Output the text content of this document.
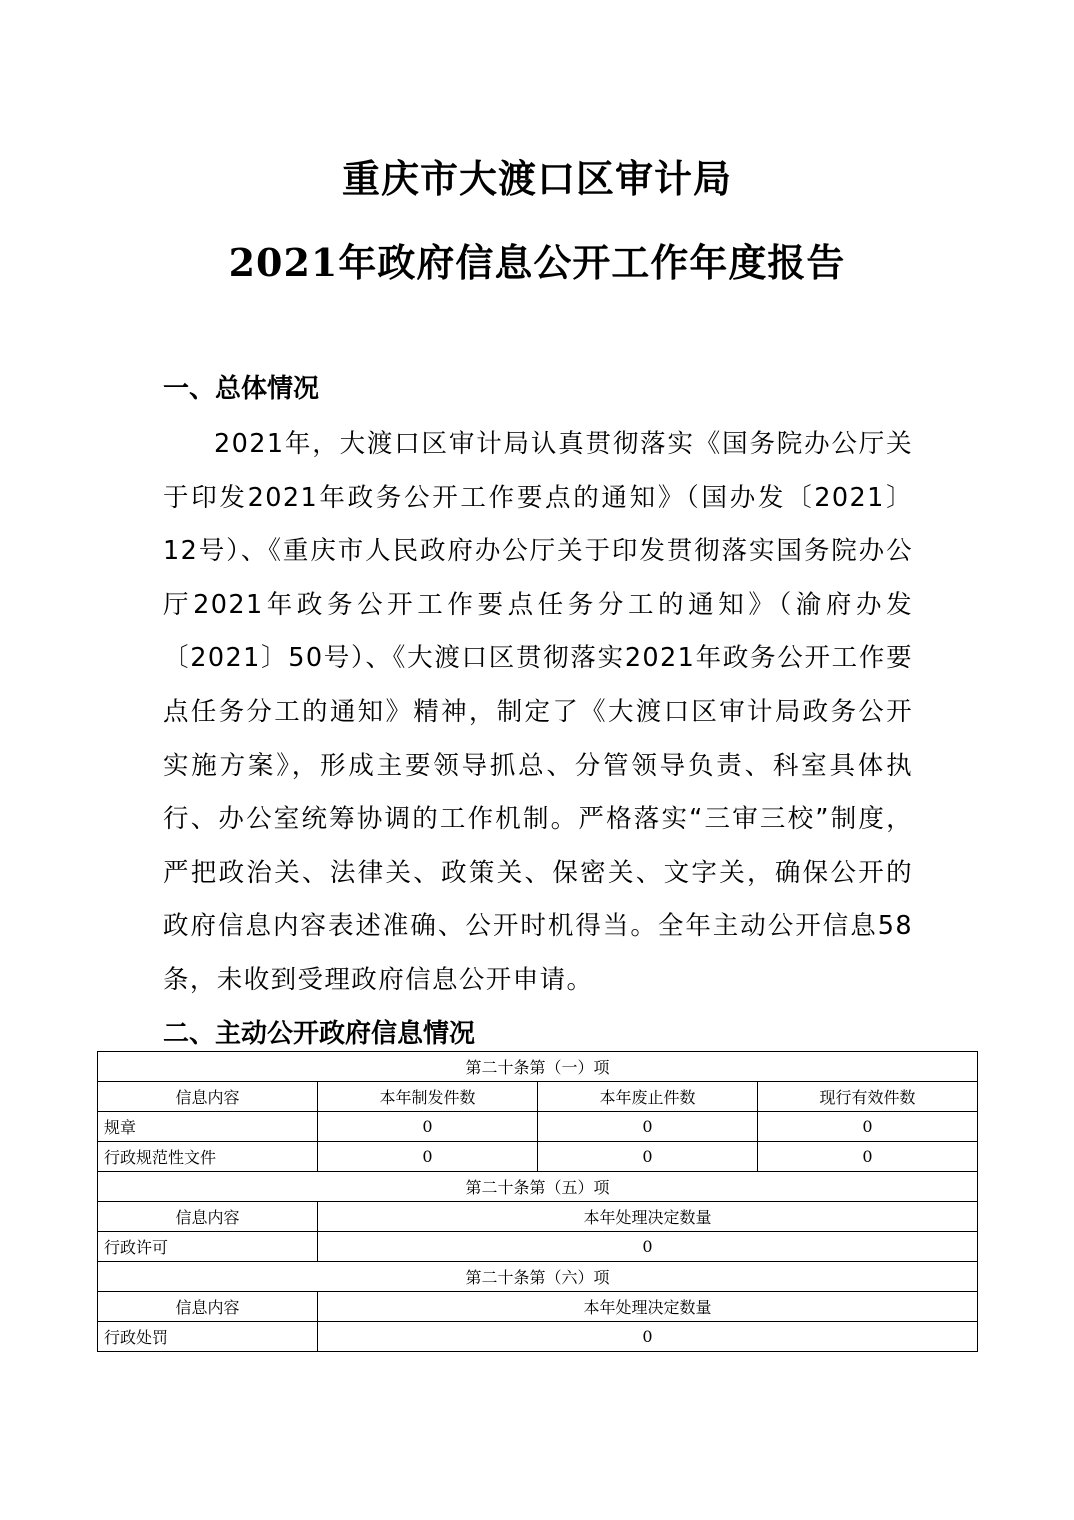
重庆市大渡口区审计局
2021年政府信息公开工作年度报告
一、总体情况

2021年，大渡口区审计局认真贯彻落实《国务院办公厅关于印发2021年政务公开工作要点的通知》（国办发〔2021〕12号）、《重庆市人民政府办公厅关于印发贯彻落实国务院办公厅2021年政务公开工作要点任务分工的通知》（渝府办发〔2021〕50号）、《大渡口区贯彻落实2021年政务公开工作要点任务分工的通知》精神，制定了《大渡口区审计局政务公开实施方案》，形成主要领导抓总、分管领导负责、科室具体执行、办公室统筹协调的工作机制。严格落实“三审三校”制度，严把政治关、法律关、政策关、保密关、文字关，确保公开的政府信息内容表述准确、公开时机得当。全年主动公开信息58条，未收到受理政府信息公开申请。

二、主动公开政府信息情况
第二十条第（一）项			
信息内容	本年制发件数	本年废止件数	现行有效件数
规章	0	0	0
行政规范性文件	0	0	0
第二十条第（五）项			
信息内容	本年处理决定数量		
行政许可	0		
第二十条第（六）项			
信息内容	本年处理决定数量		
行政处罚	0		
